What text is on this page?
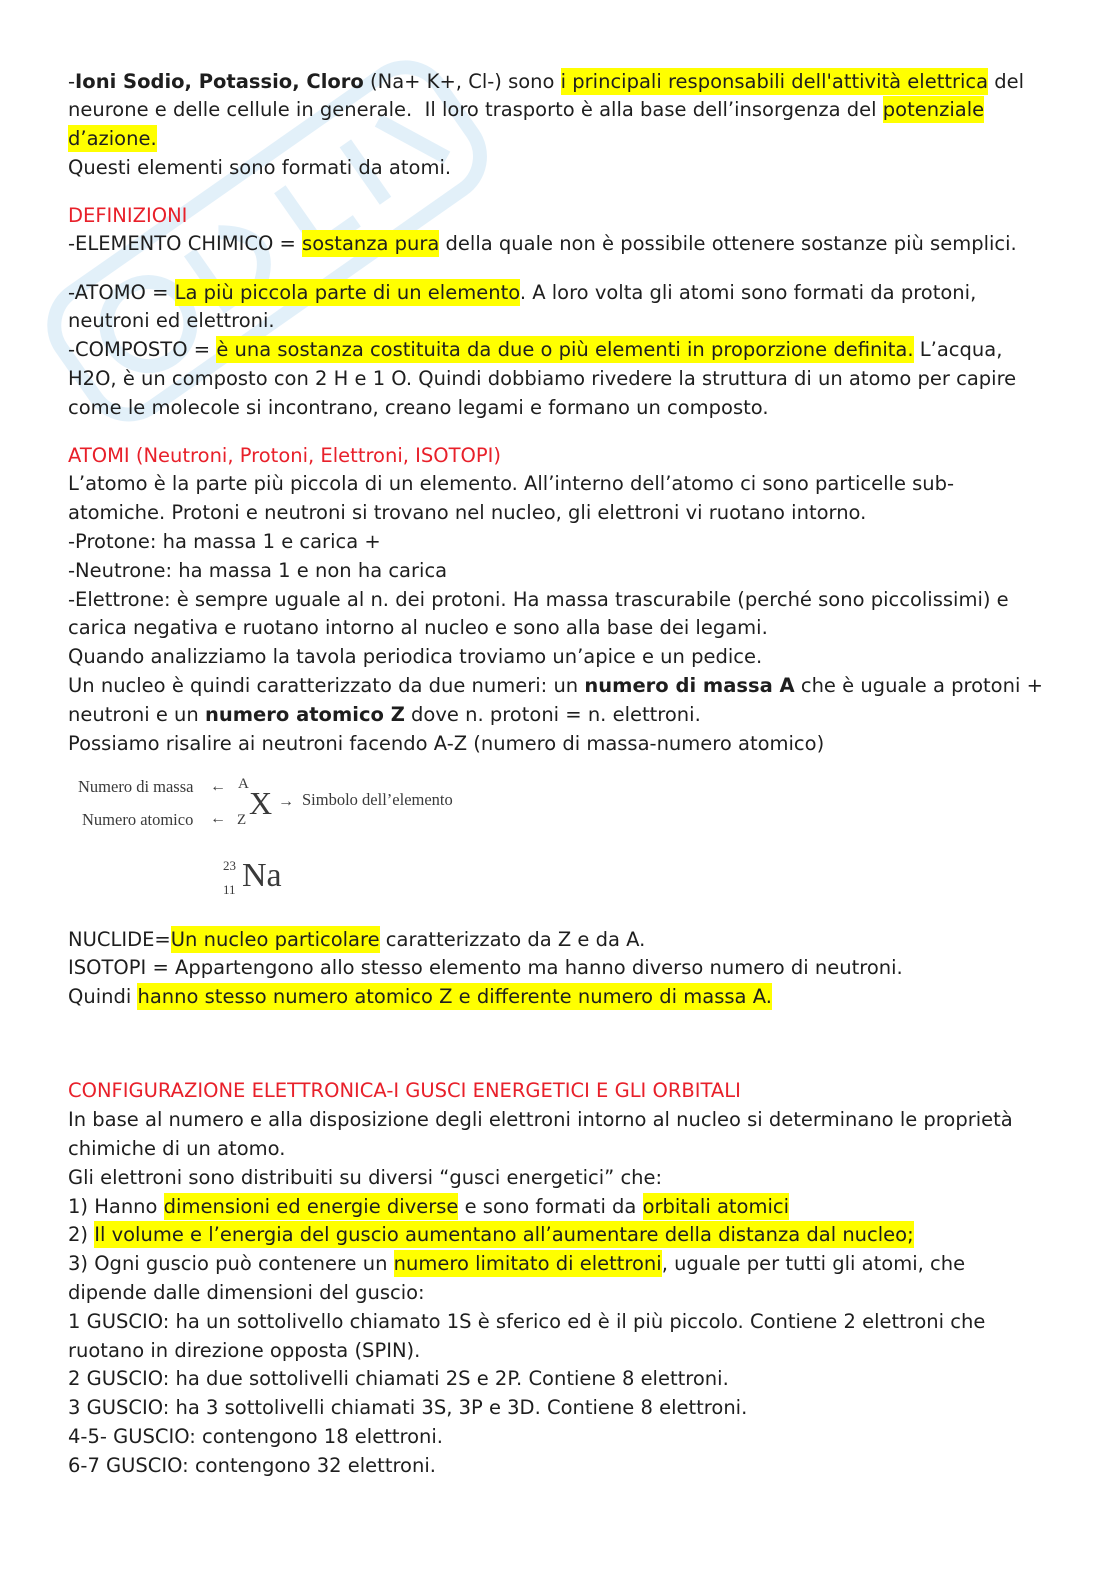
-Ioni Sodio, Potassio, Cloro (Na+ K+, Cl-) sono i principali responsabili dell'attività elettrica del
neurone e delle cellule in generale.  Il loro trasporto è alla base dell’insorgenza del potenziale
d’azione.
Questi elementi sono formati da atomi.
DEFINIZIONI
-ELEMENTO CHIMICO = sostanza pura della quale non è possibile ottenere sostanze più semplici.
-ATOMO = La più piccola parte di un elemento. A loro volta gli atomi sono formati da protoni,
neutroni ed elettroni.
-COMPOSTO = è una sostanza costituita da due o più elementi in proporzione definita. L’acqua,
H2O, è un composto con 2 H e 1 O. Quindi dobbiamo rivedere la struttura di un atomo per capire
come le molecole si incontrano, creano legami e formano un composto.
ATOMI (Neutroni, Protoni, Elettroni, ISOTOPI)
L’atomo è la parte più piccola di un elemento. All’interno dell’atomo ci sono particelle sub-
atomiche. Protoni e neutroni si trovano nel nucleo, gli elettroni vi ruotano intorno.
-Protone: ha massa 1 e carica +
-Neutrone: ha massa 1 e non ha carica
-Elettrone: è sempre uguale al n. dei protoni. Ha massa trascurabile (perché sono piccolissimi) e
carica negativa e ruotano intorno al nucleo e sono alla base dei legami.
Quando analizziamo la tavola periodica troviamo un’apice e un pedice.
Un nucleo è quindi caratterizzato da due numeri: un numero di massa A che è uguale a protoni +
neutroni e un numero atomico Z dove n. protoni = n. elettroni.
Possiamo risalire ai neutroni facendo A-Z (numero di massa-numero atomico)
Numero di massa ← A
X → Simbolo dell’elemento
Numero atomico ← Z
23
11 Na
NUCLIDE=Un nucleo particolare caratterizzato da Z e da A.
ISOTOPI = Appartengono allo stesso elemento ma hanno diverso numero di neutroni.
Quindi hanno stesso numero atomico Z e differente numero di massa A.
CONFIGURAZIONE ELETTRONICA-I GUSCI ENERGETICI E GLI ORBITALI
In base al numero e alla disposizione degli elettroni intorno al nucleo si determinano le proprietà
chimiche di un atomo.
Gli elettroni sono distribuiti su diversi “gusci energetici” che:
1) Hanno dimensioni ed energie diverse e sono formati da orbitali atomici
2) Il volume e l’energia del guscio aumentano all’aumentare della distanza dal nucleo;
3) Ogni guscio può contenere un numero limitato di elettroni, uguale per tutti gli atomi, che
dipende dalle dimensioni del guscio:
1 GUSCIO: ha un sottolivello chiamato 1S è sferico ed è il più piccolo. Contiene 2 elettroni che
ruotano in direzione opposta (SPIN).
2 GUSCIO: ha due sottolivelli chiamati 2S e 2P. Contiene 8 elettroni.
3 GUSCIO: ha 3 sottolivelli chiamati 3S, 3P e 3D. Contiene 8 elettroni.
4-5- GUSCIO: contengono 18 elettroni.
6-7 GUSCIO: contengono 32 elettroni.
